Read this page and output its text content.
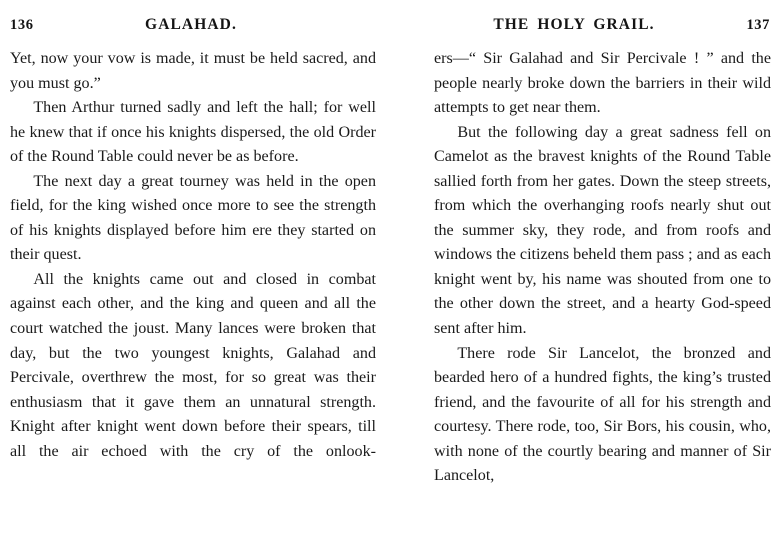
136	GALAHAD.

Yet, now your vow is made, it must be held sacred, and you must go.”

Then Arthur turned sadly and left the hall; for well he knew that if once his knights dispersed, the old Order of the Round Table could never be as before.

The next day a great tourney was held in the open field, for the king wished once more to see the strength of his knights displayed before him ere they started on their quest.

All the knights came out and closed in combat against each other, and the king and queen and all the court watched the joust. Many lances were broken that day, but the two youngest knights, Galahad and Percivale, overthrew the most, for so great was their enthusiasm that it gave them an unnatural strength. Knight after knight went down before their spears, till all the air echoed with the cry of the onlook-

THE HOLY GRAIL.	137

ers—“ Sir Galahad and Sir Percivale ! ” and the people nearly broke down the barriers in their wild attempts to get near them.

But the following day a great sadness fell on Camelot as the bravest knights of the Round Table sallied forth from her gates. Down the steep streets, from which the overhanging roofs nearly shut out the summer sky, they rode, and from roofs and windows the citizens beheld them pass ; and as each knight went by, his name was shouted from one to the other down the street, and a hearty God-speed sent after him.

There rode Sir Lancelot, the bronzed and bearded hero of a hundred fights, the king’s trusted friend, and the favourite of all for his strength and courtesy. There rode, too, Sir Bors, his cousin, who, with none of the courtly bearing and manner of Sir Lancelot,
